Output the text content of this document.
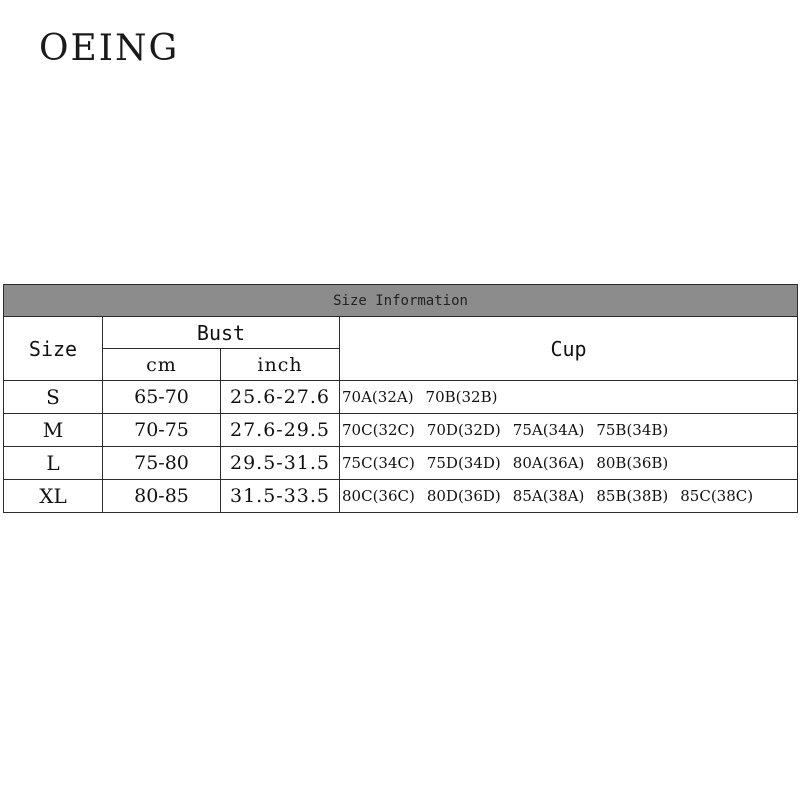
OEING
Size Information			
Size	Bust		Cup
	cm	inch	
S	65-70	25.6-27.6	70A(32A) 70B(32B)
M	70-75	27.6-29.5	70C(32C) 70D(32D) 75A(34A) 75B(34B)
L	75-80	29.5-31.5	75C(34C) 75D(34D) 80A(36A) 80B(36B)
XL	80-85	31.5-33.5	80C(36C) 80D(36D) 85A(38A) 85B(38B) 85C(38C)
